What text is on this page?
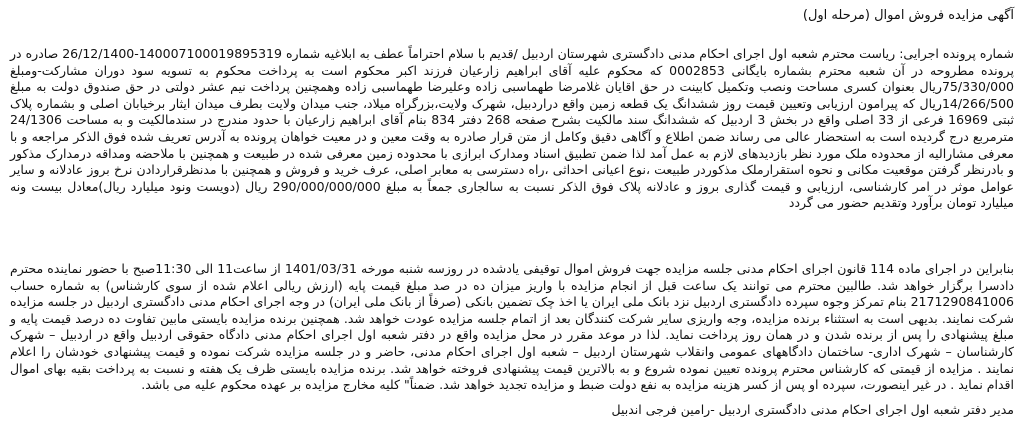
آگهی مزایده فروش اموال (مرحله اول)

شماره پرونده اجرایی: ریاست محترم شعبه اول اجرای احکام مدنی دادگستری شهرستان اردبیل /قدیم با سلام احتراماً عطف به ابلاغیه شماره 140007100019895319-26/12/1400 صادره در پرونده مطروحه در آن شعبه محترم بشماره بایگانی 0002853 که محکوم علیه آقای ابراهیم زارعیان فرزند اکبر محکوم است به پرداخت محکوم به تسویه سود دوران مشارکت-ومبلغ 75/330/000ریال بعنوان کسری مساحت ونصب وتکمیل کابینت در حق اقایان غلامرضا طهماسبی زاده وعلیرضا طهماسبی زاده وهمچنین پرداخت نیم عشر دولتی در حق صندوق دولت به مبلغ 14/266/500ریال که پیرامون ارزیابی وتعیین قیمت روز ششدانگ یک قطعه زمین واقع دراردبیل، شهرک ولایت،بزرگراه میلاد، جنب میدان ولایت بطرف میدان ایثار برخیابان اصلی و بشماره پلاک ثبتی 16969 فرعی از 33 اصلی واقع در بخش 3 اردبیل که ششدانگ سند مالکیت بشرح صفحه 268 دفتر 834 بنام آقای ابراهیم زارعیان با حدود مندرج در سندمالکیت و به مساحت 24/1306 مترمربع درج گردیده است به استحضار عالی می رساند ضمن اطلاع و آگاهی دقیق وکامل از متن قرار صادره به وقت معین و در معیت خواهان پرونده به آدرس تعریف شده فوق الذکر مراجعه و با معرفی مشارالیه از محدوده ملک مورد نظر بازدیدهای لازم به عمل آمد لذا ضمن تطبیق اسناد ومدارک ابرازی با محدوده زمین معرفی شده در طبیعت و همچنین با ملاحضه ومداقه درمدارک مذکور و بادرنظر گرفتن موقعیت مکانی و نحوه استقرارملک مذکوردر طبیعت ،نوع اعیانی احداثی ،راه دسترسی به معابر اصلی، عرف خرید و فروش و همچنین با مدنظرقراردادن نرخ بروز عادلانه و سایر عوامل موثر در امر کارشناسی، ارزیابی و قیمت گذاری بروز و عادلانه پلاک فوق الذکر نسبت به سالجاری جمعاً به مبلغ 290/000/000/000 ریال (دویست ونود میلیارد ریال)معادل بیست ونه میلیارد تومان برآورد وتقدیم حضور می گردد

بنابراین در اجرای ماده 114 قانون اجرای احکام مدنی جلسه مزایده جهت فروش اموال توقیفی یادشده در روزسه شنبه مورخه 1401/03/31 از ساعت11 الی 11:30صبح با حضور نماینده محترم دادسرا برگزار خواهد شد. طالبین محترم می توانند یک ساعت قبل از انجام مزایده با واریز میزان ده در صد مبلغ قیمت پایه (ارزش ریالی اعلام شده از سوی کارشناس) به شماره حساب 2171290841006 بنام تمرکز وجوه سپرده دادگستری اردبیل نزد بانک ملی ایران یا اخذ چک تضمین بانکی (صرفاً از بانک ملی ایران) در وجه اجرای احکام مدنی دادگستری اردبیل در جلسه مزایده شرکت نمایند. بدیهی است به استثناء برنده مزایده، وجه واریزی سایر شرکت کنندگان بعد از اتمام جلسه مزایده عودت خواهد شد. همچنین برنده مزایده بایستی مابین تفاوت ده درصد قیمت پایه و مبلغ پیشنهادی را پس از برنده شدن و در همان روز پرداخت نماید. لذا در موعد مقرر در محل مزایده واقع در دفتر شعبه اول اجرای احکام مدنی دادگاه حقوقی اردبیل واقع در اردبیل – شهرک کارشناسان – شهرک اداری- ساختمان دادگاههای عمومی وانقلاب شهرستان اردبیل – شعبه اول اجرای احکام مدنی، حاضر و در جلسه مزایده شرکت نموده و قیمت پیشنهادی خودشان را اعلام نمایند . مزایده از قیمتی که کارشناس محترم پرونده تعیین نموده شروع و به بالاترین قیمت پیشنهادی فروخته خواهد شد. برنده مزایده بایستی ظرف یک هفته و نسبت به پرداخت بقیه بهای اموال اقدام نماید . در غیر اینصورت، سپرده او پس از کسر هزینه مزایده به نفع دولت ضبط و مزایده تجدید خواهد شد. ضمناً" کلیه مخارج مزایده بر عهده محکوم علیه می باشد.

مدیر دفتر شعبه اول اجرای احکام مدنی دادگستری اردبیل -رامین فرجی اندبیل
